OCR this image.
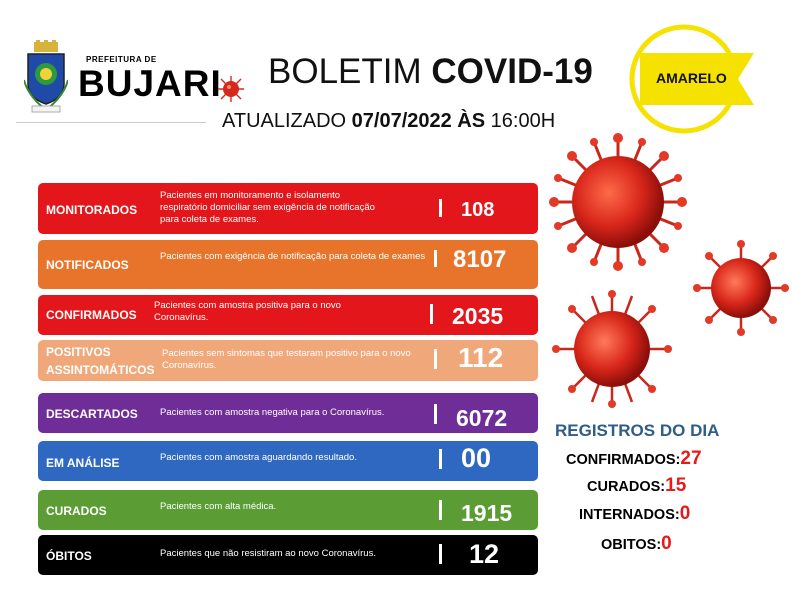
PREFEITURA DE
BUJARI BOLETIM COVID-19
ATUALIZADO 07/07/2022 ÀS 16:00H
AMARELO
MONITORADOS
Pacientes em monitoramento e isolamento respiratório domiciliar sem exigência de notificação para coleta de exames.	108
NOTIFICADOS
Pacientes com exigência de notificação para coleta de exames 8107
CONFIRMADOS
Pacientes com amostra positiva para o novo Coronavírus.	2035
POSITIVOS
ASSINTOMÁTICOS
Pacientes sem sintomas que testaram positivo para o novo Coronavírus.	112
DESCARTADOS Pacientes com amostra negativa para o Coronavírus.	6072
EM ANÁLISE	Pacientes com amostra aguardando resultado.	00
CURADOS	Pacientes com alta médica.	1915
ÓBITOS	Pacientes que não resistiram ao novo Coronavírus.	12
REGISTROS DO DIA
CONFIRMADOS:27
CURADOS:15
INTERNADOS:0
OBITOS:0
